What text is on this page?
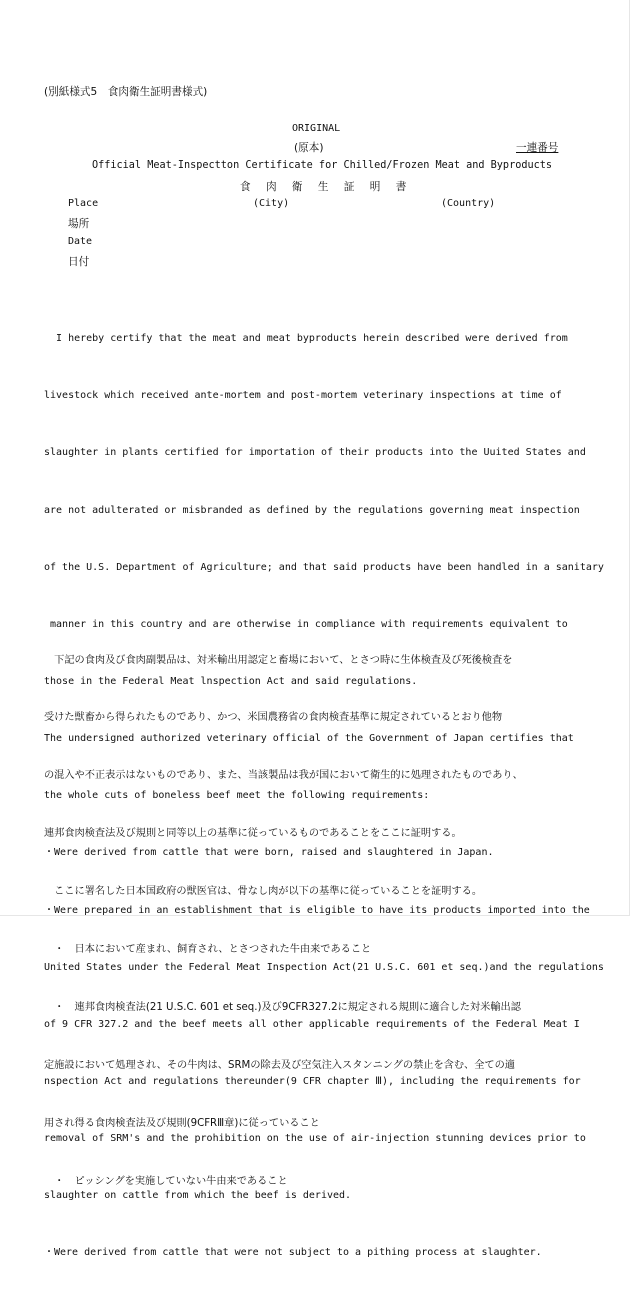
(別紙様式5　食肉衛生証明書様式)
ORIGINAL
(原本)	一連番号
Official Meat-Inspectton Certificate for Chilled/Frozen Meat and Byproducts
食 肉 衛 生 証 明 書
Place	(City)	(Country)
場所
Date
日付

I hereby certify that the meat and meat byproducts herein described were derived from

livestock which received ante-mortem and post-mortem veterinary inspections at time of

slaughter in plants certified for importation of their products into the Uuited States and

are not adulterated or misbranded as defined by the regulations governing meat inspection

of the U.S. Department of Agriculture; and that said products have been handled in a sanitary

manner in this country and are otherwise in compliance with requirements equivalent to

those in the Federal Meat lnspection Act and said regulations.

The undersigned authorized veterinary official of the Government of Japan certifies that

the whole cuts of boneless beef meet the following requirements:

・Were derived from cattle that were born, raised and slaughtered in Japan.

・Were prepared in an establishment that is eligible to have its products imported into the

United States under the Federal Meat Inspection Act(21 U.S.C. 601 et seq.)and the regulations

of 9 CFR 327.2 and the beef meets all other applicable requirements of the Federal Meat I

nspection Act and regulations thereunder(9 CFR chapter Ⅲ), including the requirements for

removal of SRM's and the prohibition on the use of air-injection stunning devices prior to

slaughter on cattle from which the beef is derived.

・Were derived from cattle that were not subject to a pithing process at slaughter.

　下記の食肉及び食肉副製品は、対米輸出用認定と畜場において、とさつ時に生体検査及び死後検査を

受けた獣畜から得られたものであり、かつ、米国農務省の食肉検査基準に規定されているとおり他物

の混入や不正表示はないものであり、また、当該製品は我が国において衛生的に処理されたものであり、

連邦食肉検査法及び規則と同等以上の基準に従っているものであることをここに証明する。

　ここに署名した日本国政府の獣医官は、骨なし肉が以下の基準に従っていることを証明する。

　・　日本において産まれ、飼育され、とさつされた牛由来であること

　・　連邦食肉検査法(21 U.S.C. 601 et seq.)及び9CFR327.2に規定される規則に適合した対米輸出認

定施設において処理され、その牛肉は、SRMの除去及び空気注入スタンニングの禁止を含む、全ての適

用され得る食肉検査法及び規則(9CFRⅢ章)に従っていること

　・　ピッシングを実施していない牛由来であること
